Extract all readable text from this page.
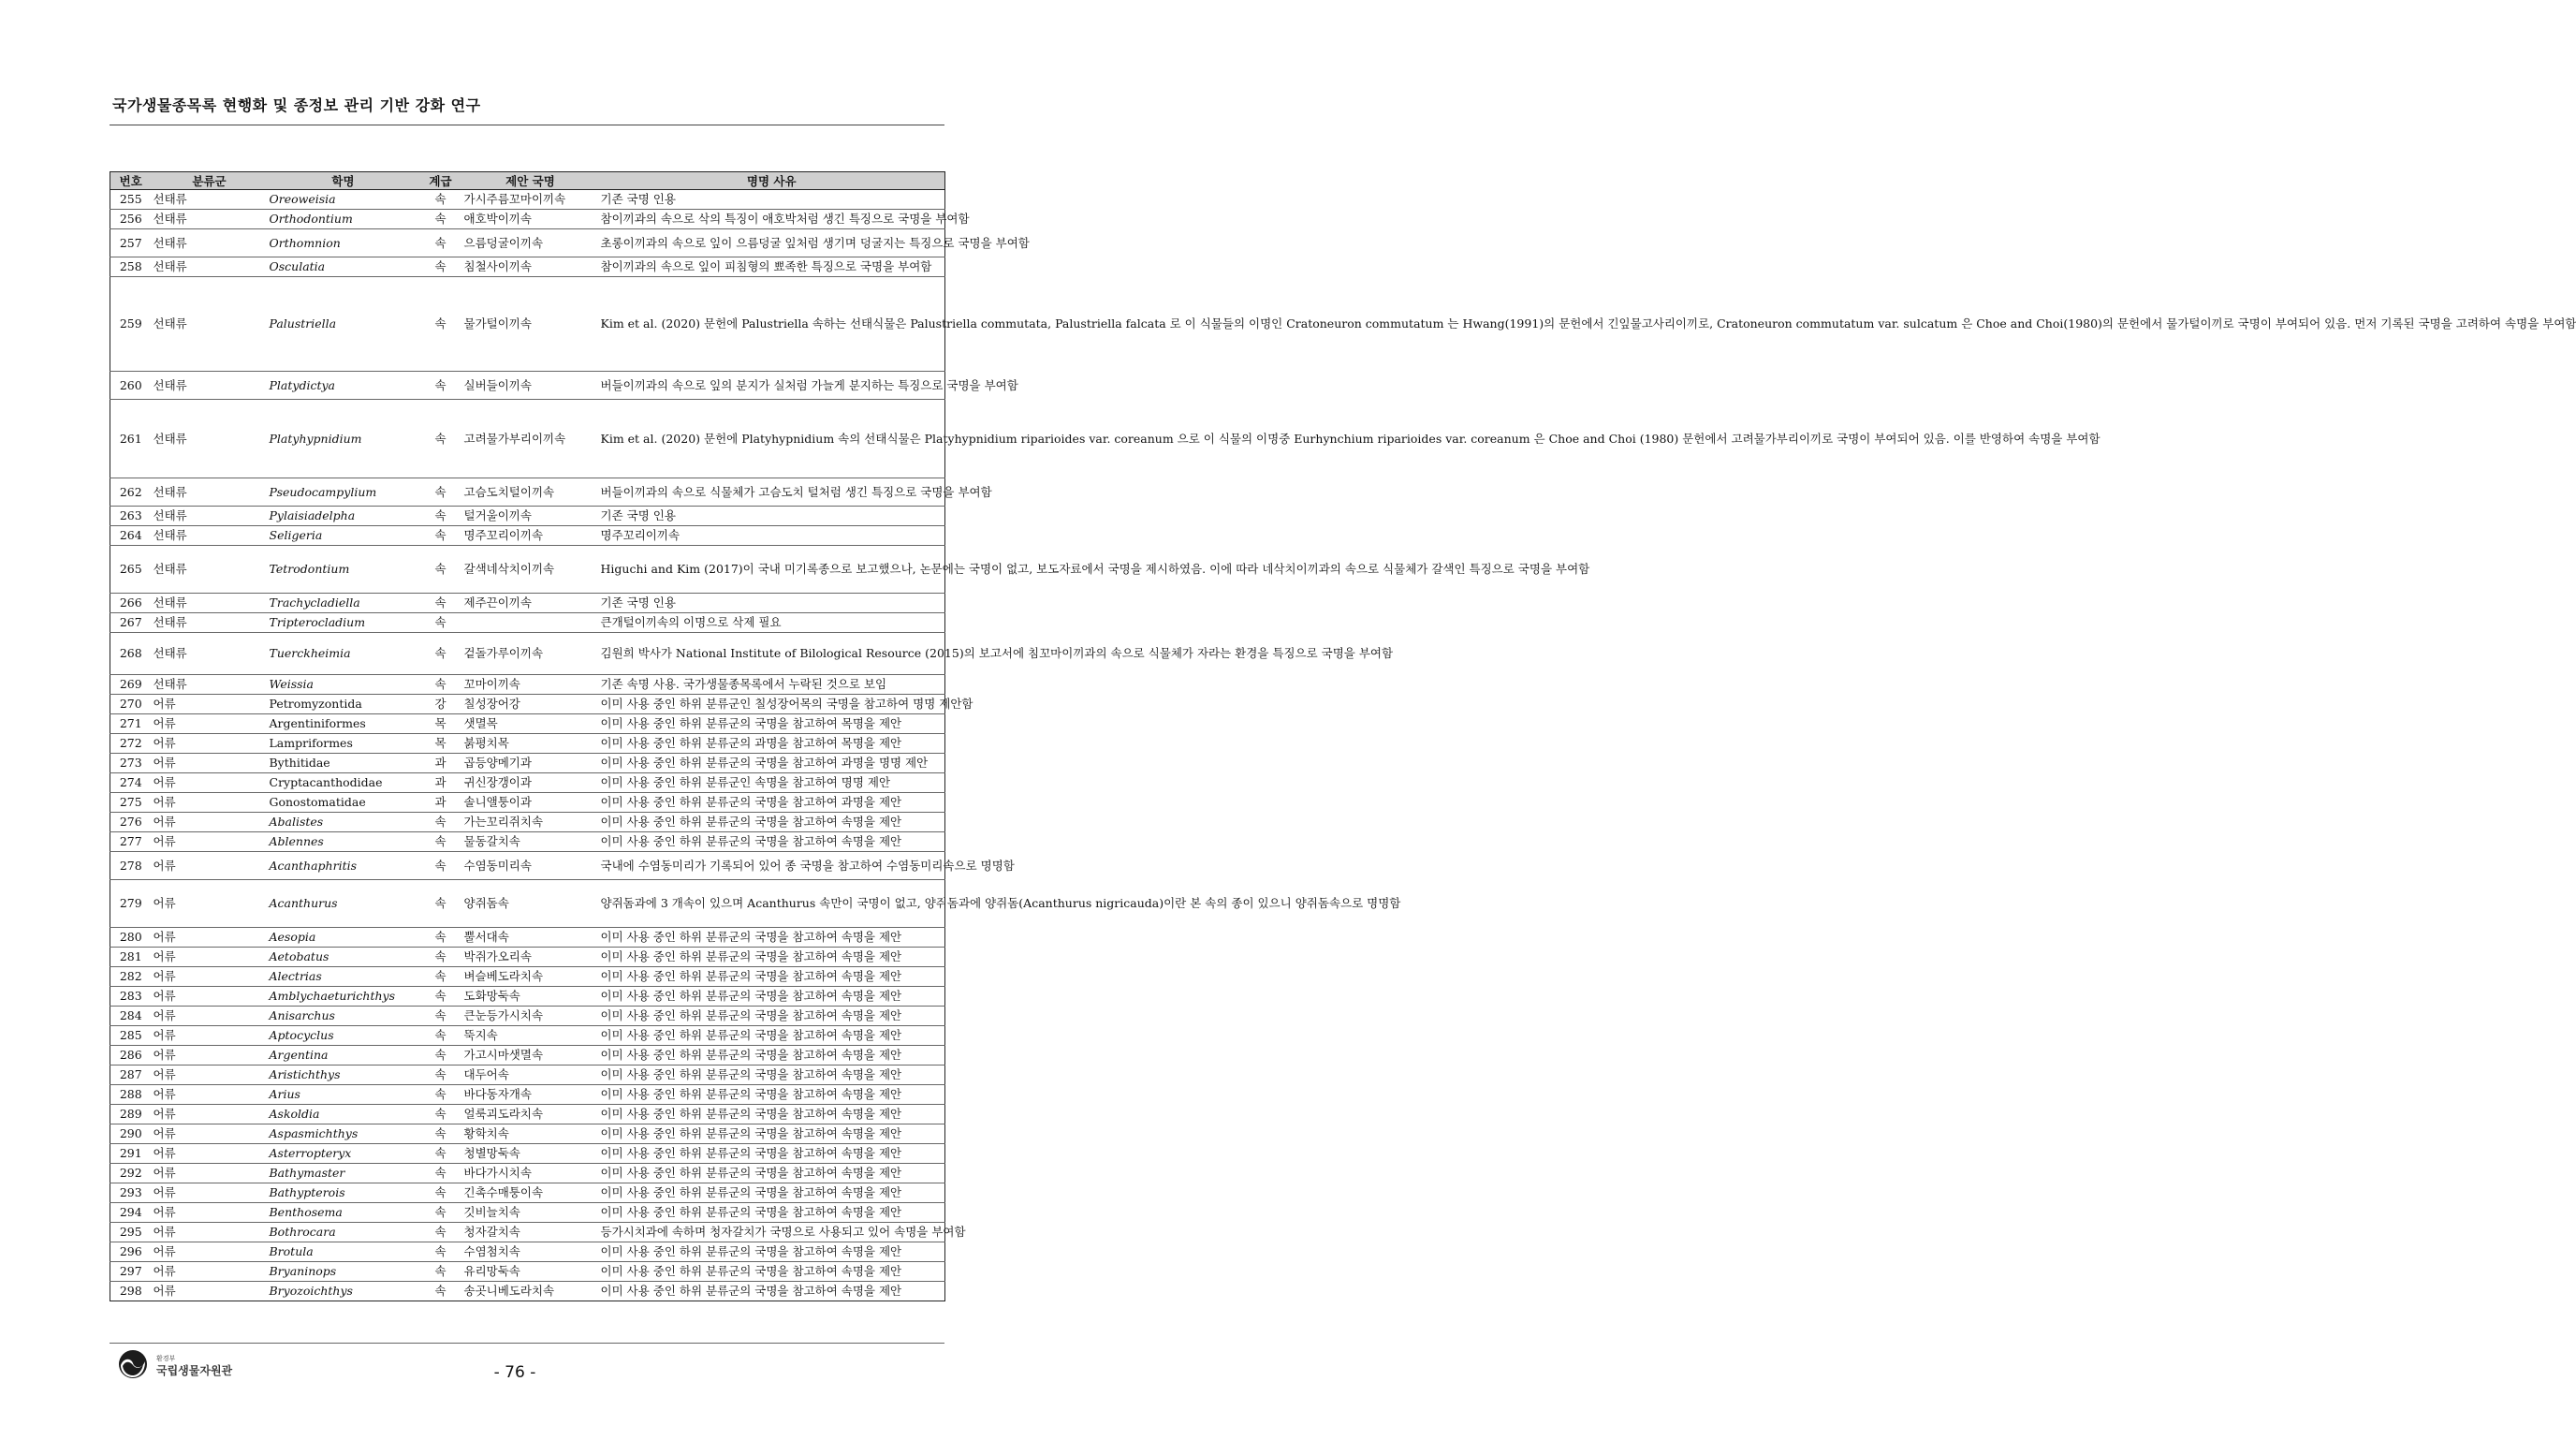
국가생물종목록 현행화 및 종정보 관리 기반 강화 연구
번호	분류군	학명	계급	제안 국명	명명 사유
255	선태류	Oreoweisia	속	가시주름꼬마이끼속	기존 국명 인용
256	선태류	Orthodontium	속	애호박이끼속	참이끼과의 속으로 삭의 특징이 애호박처럼 생긴 특징으로 국명을 부여함
257	선태류	Orthomnion	속	으름덩굴이끼속	초롱이끼과의 속으로 잎이 으름덩굴 잎처럼 생기며 덩굴지는 특징으로 국명을 부여함
258	선태류	Osculatia	속	침철사이끼속	참이끼과의 속으로 잎이 피침형의 뾰족한 특징으로 국명을 부여함
259	선태류	Palustriella	속	물가털이끼속	Kim et al. (2020) 문헌에 Palustriella 속하는 선태식물은 Palustriella commutata, Palustriella falcata 로 이 식물들의 이명인 Cratoneuron commutatum 는 Hwang(1991)의 문헌에서 긴잎물고사리이끼로, Cratoneuron commutatum var. sulcatum 은 Choe and Choi(1980)의 문헌에서 물가털이끼로 국명이 부여되어 있음. 먼저 기록된 국명을 고려하여 속명을 부여함
260	선태류	Platydictya	속	실버들이끼속	버들이끼과의 속으로 잎의 분지가 실처럼 가늘게 분지하는 특징으로 국명을 부여함
261	선태류	Platyhypnidium	속	고려물가부리이끼속	Kim et al. (2020) 문헌에 Platyhypnidium 속의 선태식물은 Platyhypnidium riparioides var. coreanum 으로 이 식물의 이명중 Eurhynchium riparioides var. coreanum 은 Choe and Choi (1980) 문헌에서 고려물가부리이끼로 국명이 부여되어 있음. 이를 반영하여 속명을 부여함
262	선태류	Pseudocampylium	속	고슴도치털이끼속	버들이끼과의 속으로 식물체가 고슴도치 털처럼 생긴 특징으로 국명을 부여함
263	선태류	Pylaisiadelpha	속	털거울이끼속	기존 국명 인용
264	선태류	Seligeria	속	명주꼬리이끼속	명주꼬리이끼속
265	선태류	Tetrodontium	속	갈색네삭치이끼속	Higuchi and Kim (2017)이 국내 미기록종으로 보고했으나, 논문에는 국명이 없고, 보도자료에서 국명을 제시하였음. 이에 따라 네삭치이끼과의 속으로 식물체가 갈색인 특징으로 국명을 부여함
266	선태류	Trachycladiella	속	제주끈이끼속	기존 국명 인용
267	선태류	Tripterocladium	속		큰개털이끼속의 이명으로 삭제 필요
268	선태류	Tuerckheimia	속	겉돌가루이끼속	김원희 박사가 National Institute of Bilological Resource (2015)의 보고서에 침꼬마이끼과의 속으로 식물체가 자라는 환경을 특징으로 국명을 부여함
269	선태류	Weissia	속	꼬마이끼속	기존 속명 사용. 국가생물종목록에서 누락된 것으로 보임
270	어류	Petromyzontida	강	칠성장어강	이미 사용 중인 하위 분류군인 칠성장어목의 국명을 참고하여 명명 제안함
271	어류	Argentiniformes	목	샛멸목	이미 사용 중인 하위 분류군의 국명을 참고하여 목명을 제안
272	어류	Lampriformes	목	붉평치목	이미 사용 중인 하위 분류군의 과명을 참고하여 목명을 제안
273	어류	Bythitidae	과	곱등양메기과	이미 사용 중인 하위 분류군의 국명을 참고하여 과명을 명명 제안
274	어류	Cryptacanthodidae	과	귀신장갱이과	이미 사용 중인 하위 분류군인 속명을 참고하여 명명 제안
275	어류	Gonostomatidae	과	솔니앨퉁이과	이미 사용 중인 하위 분류군의 국명을 참고하여 과명을 제안
276	어류	Abalistes	속	가는꼬리쥐치속	이미 사용 중인 하위 분류군의 국명을 참고하여 속명을 제안
277	어류	Ablennes	속	물동갈치속	이미 사용 중인 하위 분류군의 국명을 참고하여 속명을 제안
278	어류	Acanthaphritis	속	수염동미리속	국내에 수염동미리가 기록되어 있어 종 국명을 참고하여 수염동미리속으로 명명함
279	어류	Acanthurus	속	양쥐돔속	양쥐돔과에 3 개속이 있으며 Acanthurus 속만이 국명이 없고, 양쥐돔과에 양쥐돔(Acanthurus nigricauda)이란 본 속의 종이 있으니 양쥐돔속으로 명명함
280	어류	Aesopia	속	뿔서대속	이미 사용 중인 하위 분류군의 국명을 참고하여 속명을 제안
281	어류	Aetobatus	속	박쥐가오리속	이미 사용 중인 하위 분류군의 국명을 참고하여 속명을 제안
282	어류	Alectrias	속	벼슬베도라치속	이미 사용 중인 하위 분류군의 국명을 참고하여 속명을 제안
283	어류	Amblychaeturichthys	속	도화망둑속	이미 사용 중인 하위 분류군의 국명을 참고하여 속명을 제안
284	어류	Anisarchus	속	큰눈등가시치속	이미 사용 중인 하위 분류군의 국명을 참고하여 속명을 제안
285	어류	Aptocyclus	속	뚝지속	이미 사용 중인 하위 분류군의 국명을 참고하여 속명을 제안
286	어류	Argentina	속	가고시마샛멸속	이미 사용 중인 하위 분류군의 국명을 참고하여 속명을 제안
287	어류	Aristichthys	속	대두어속	이미 사용 중인 하위 분류군의 국명을 참고하여 속명을 제안
288	어류	Arius	속	바다동자개속	이미 사용 중인 하위 분류군의 국명을 참고하여 속명을 제안
289	어류	Askoldia	속	얼룩괴도라치속	이미 사용 중인 하위 분류군의 국명을 참고하여 속명을 제안
290	어류	Aspasmichthys	속	황학치속	이미 사용 중인 하위 분류군의 국명을 참고하여 속명을 제안
291	어류	Asterropteryx	속	청별망둑속	이미 사용 중인 하위 분류군의 국명을 참고하여 속명을 제안
292	어류	Bathymaster	속	바다가시치속	이미 사용 중인 하위 분류군의 국명을 참고하여 속명을 제안
293	어류	Bathypterois	속	긴촉수매퉁이속	이미 사용 중인 하위 분류군의 국명을 참고하여 속명을 제안
294	어류	Benthosema	속	깃비늘치속	이미 사용 중인 하위 분류군의 국명을 참고하여 속명을 제안
295	어류	Bothrocara	속	청자갈치속	등가시치과에 속하며 청자갈치가 국명으로 사용되고 있어 속명을 부여함
296	어류	Brotula	속	수염첨치속	이미 사용 중인 하위 분류군의 국명을 참고하여 속명을 제안
297	어류	Bryaninops	속	유리망둑속	이미 사용 중인 하위 분류군의 국명을 참고하여 속명을 제안
298	어류	Bryozoichthys	속	송곳니베도라치속	이미 사용 중인 하위 분류군의 국명을 참고하여 속명을 제안
환경부
국립생물자원관	- 76 -
